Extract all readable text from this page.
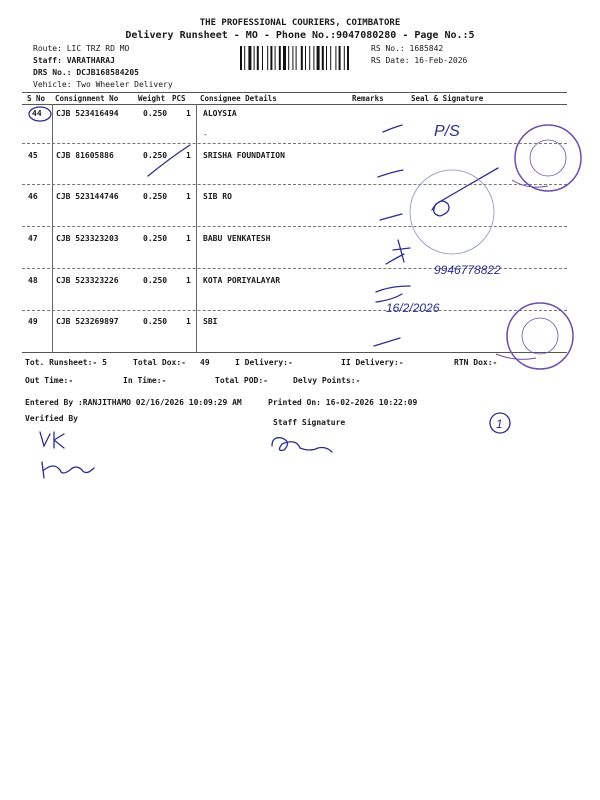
THE PROFESSIONAL COURIERS, COIMBATORE
Delivery Runsheet - MO - Phone No.:9047080280 - Page No.:5
Route: LIC TRZ RD MO
Staff: VARATHARAJ
DRS No.: DCJB168584205
Vehicle: Two Wheeler Delivery
RS No.: 1685842
RS Date: 16-Feb-2026
S No Consignment No	Weight PCS Consignee Details	Remarks	Seal & Signature
44 CJB 523416494	0.250 1 ALOYSIA
-
45 CJB 81605886	0.250 1 SRISHA FOUNDATION
46 CJB 523144746	0.250 1 SIB RO
47 CJB 523323203	0.250 1 BABU VENKATESH
48 CJB 523323226	0.250 1 KOTA PORIYALAYAR
49 CJB 523269897	0.250 1 SBI
Tot. Runsheet:- 5	Total Dox:- 49	I Delivery:-	II Delivery:-	RTN Dox:-
Out Time:-	In Time:-	Total POD:-	Delvy Points:-
Entered By :RANJITHAMO 02/16/2026 10:09:29 AM	Printed On: 16-02-2026 10:22:09
Verified By	Staff Signature
P/S
9946778822
16/2/2026
1
